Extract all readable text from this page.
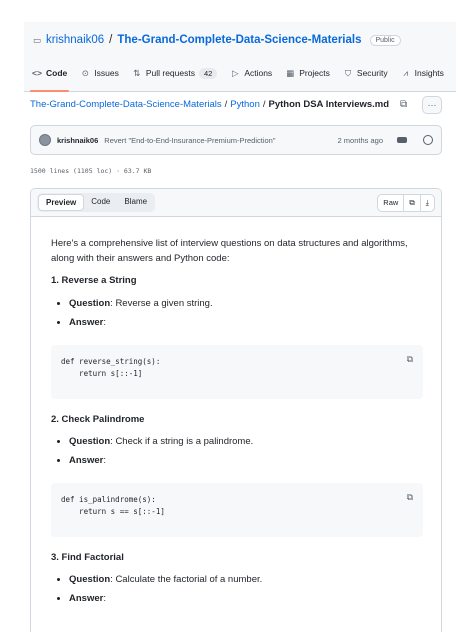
▭ krishnaik06 / The-Grand-Complete-Data-Science-Materials	Public
<> Code ⊙ Issues ⇅ Pull requests	42	▷ Actions ▦ Projects ⛉ Security	⩘ Insights
The-Grand-Complete-Data-Science-Materials / Python / Python DSA Interviews.md ⧉ ···
krishnaik06 Revert "End-to-End-Insurance-Premium-Prediction"	2 months ago
1500 lines (1105 loc) · 63.7 KB
Preview	Code	Blame	Raw	⧉	⤓

Here's a comprehensive list of interview questions on data structures and algorithms, along with their answers and Python code:

1. Reverse a String
• Question: Reverse a given string.
• Answer:
⧉
def reverse_string(s):
return s[::-1]
2. Check Palindrome
• Question: Check if a string is a palindrome.
• Answer:
⧉
def is_palindrome(s):
return s == s[::-1]
3. Find Factorial
• Question: Calculate the factorial of a number.
• Answer:
